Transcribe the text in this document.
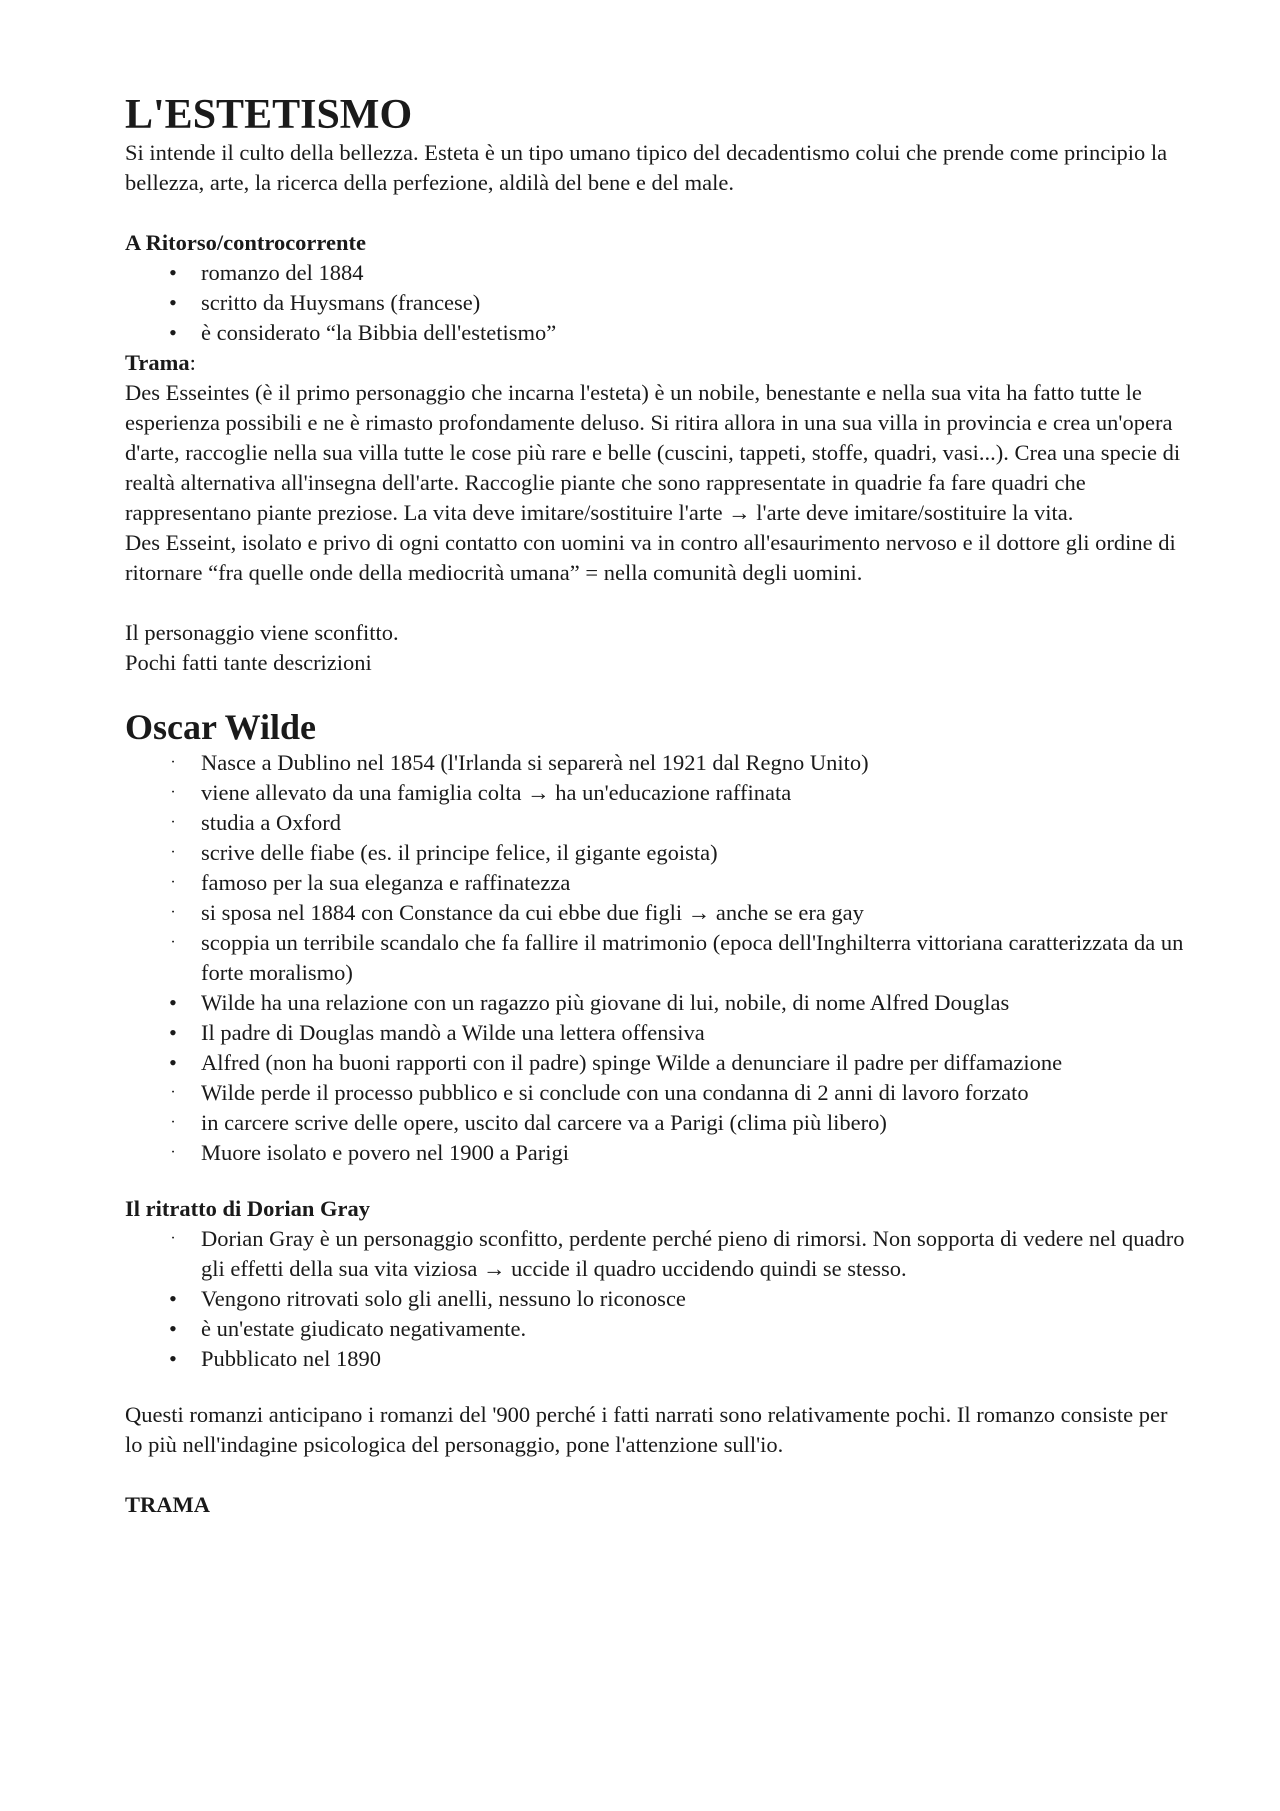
L'ESTETISMO

Si intende il culto della bellezza. Esteta è un tipo umano tipico del decadentismo colui che prende come principio la bellezza, arte, la ricerca della perfezione, aldilà del bene e del male.

A Ritorso/controcorrente

• romanzo del 1884
• scritto da Huysmans (francese)
• è considerato “la Bibbia dell'estetismo”

Trama:

Des Esseintes (è il primo personaggio che incarna l'esteta) è un nobile, benestante e nella sua vita ha fatto tutte le esperienza possibili e ne è rimasto profondamente deluso. Si ritira allora in una sua villa in provincia e crea un'opera d'arte, raccoglie nella sua villa tutte le cose più rare e belle (cuscini, tappeti, stoffe, quadri, vasi...). Crea una specie di realtà alternativa all'insegna dell'arte. Raccoglie piante che sono rappresentate in quadrie fa fare quadri che rappresentano piante preziose. La vita deve imitare/sostituire l'arte → l'arte deve imitare/sostituire la vita.

Des Esseint, isolato e privo di ogni contatto con uomini va in contro all'esaurimento nervoso e il dottore gli ordine di ritornare “fra quelle onde della mediocrità umana” = nella comunità degli uomini.

Il personaggio viene sconfitto.

Pochi fatti tante descrizioni

Oscar Wilde
·	Nasce a Dublino nel 1854 (l'Irlanda si separerà nel 1921 dal Regno Unito)
·	viene allevato da una famiglia colta → ha un'educazione raffinata
·	studia a Oxford
·	scrive delle fiabe (es. il principe felice, il gigante egoista)
·	famoso per la sua eleganza e raffinatezza
·	si sposa nel 1884 con Constance da cui ebbe due figli → anche se era gay
·	scoppia un terribile scandalo che fa fallire il matrimonio (epoca dell'Inghilterra vittoriana caratterizzata da un forte moralismo)
• Wilde ha una relazione con un ragazzo più giovane di lui, nobile, di nome Alfred Douglas
• Il padre di Douglas mandò a Wilde una lettera offensiva
• Alfred (non ha buoni rapporti con il padre) spinge Wilde a denunciare il padre per diffamazione
·	Wilde perde il processo pubblico e si conclude con una condanna di 2 anni di lavoro forzato
·	in carcere scrive delle opere, uscito dal carcere va a Parigi (clima più libero)
·	Muore isolato e povero nel 1900 a Parigi

Il ritratto di Dorian Gray

·	Dorian Gray è un personaggio sconfitto, perdente perché pieno di rimorsi. Non sopporta di vedere nel quadro gli effetti della sua vita viziosa → uccide il quadro uccidendo quindi se stesso.
• Vengono ritrovati solo gli anelli, nessuno lo riconosce
• è un'estate giudicato negativamente.
• Pubblicato nel 1890

Questi romanzi anticipano i romanzi del '900 perché i fatti narrati sono relativamente pochi. Il romanzo consiste per lo più nell'indagine psicologica del personaggio, pone l'attenzione sull'io.

TRAMA
